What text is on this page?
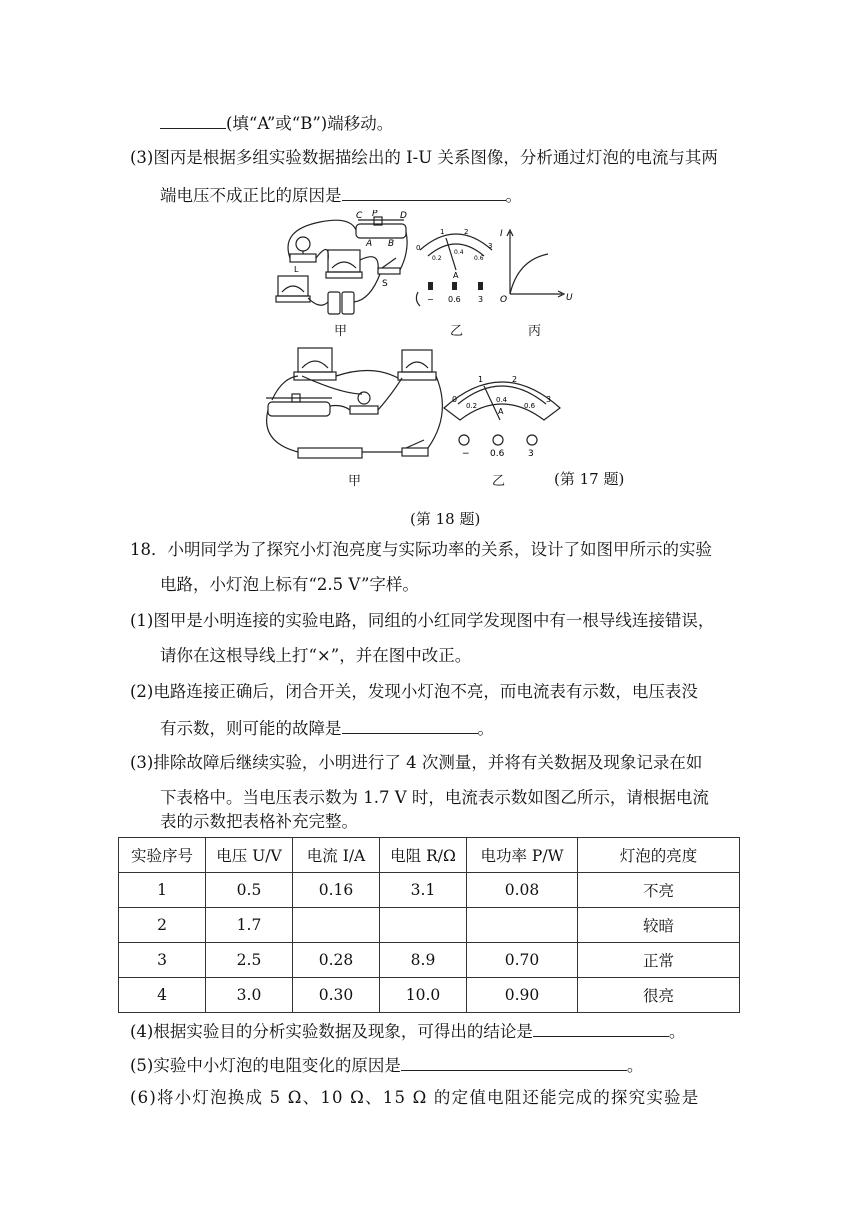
(填“A”或“B”)端移动。
(3)图丙是根据多组实验数据描绘出的 I-U 关系图像，分析通过灯泡的电流与其两
端电压不成正比的原因是	。
C P	D
A B
S
L
0
1	2
3
0.2
0.4
0.6
A
− 0.6 3
I
U
O
甲	乙	丙
甲
0
1	2
3
0.2
0.4
0.6
A
− 0.6	3
乙	(第 17 题)
(第 18 题)
18．小明同学为了探究小灯泡亮度与实际功率的关系，设计了如图甲所示的实验
电路，小灯泡上标有“2.5 V”字样。
(1)图甲是小明连接的实验电路，同组的小红同学发现图中有一根导线连接错误，
请你在这根导线上打“×”，并在图中改正。
(2)电路连接正确后，闭合开关，发现小灯泡不亮，而电流表有示数，电压表没
有示数，则可能的故障是	。
(3)排除故障后继续实验，小明进行了 4 次测量，并将有关数据及现象记录在如
下表格中。当电压表示数为 1.7 V 时，电流表示数如图乙所示，请根据电流
表的示数把表格补充完整。
实验序号	电压 U/V	电流 I/A	电阻 R/Ω	电功率 P/W	灯泡的亮度
1	0.5	0.16	3.1	0.08	不亮
2	1.7				较暗
3	2.5	0.28	8.9	0.70	正常
4	3.0	0.30	10.0	0.90	很亮
(4)根据实验目的分析实验数据及现象，可得出的结论是	。
(5)实验中小灯泡的电阻变化的原因是	。
(6)将小灯泡换成 5 Ω、10 Ω、15 Ω 的定值电阻还能完成的探究实验是
